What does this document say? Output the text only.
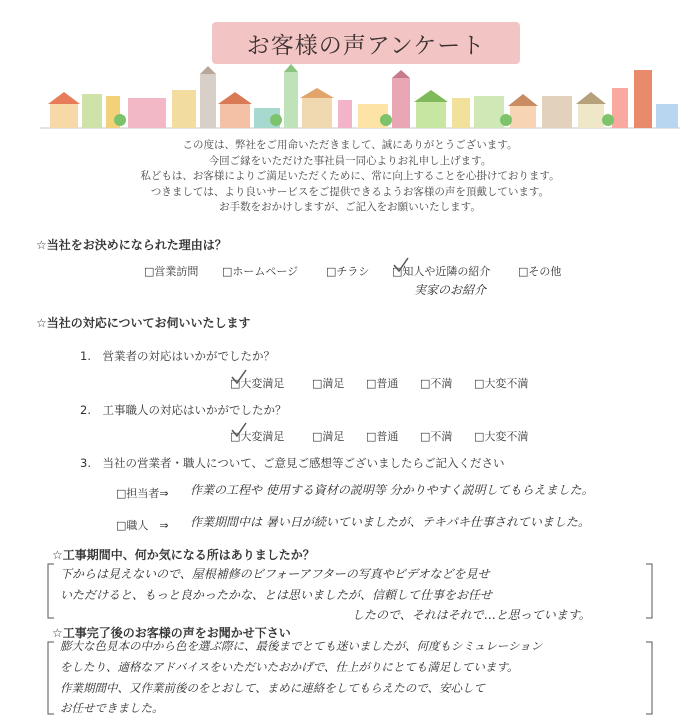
お客様の声アンケート
この度は、弊社をご用命いただきまして、誠にありがとうございます。
今回ご縁をいただけた事社員一同心よりお礼申し上げます。
私どもは、お客様によりご満足いただくために、常に向上することを心掛けております。
つきましては、より良いサービスをご提供できるようお客様の声を頂戴しています。
お手数をおかけしますが、ご記入をお願いいたします。
☆当社をお決めになられた理由は？
□営業訪問 □ホームページ	□チラシ □知人や近隣の紹介	□その他
実家のお紹介
☆当社の対応についてお伺いいたします
1.　営業者の対応はいかがでしたか？
□大変満足	□満足 □普通 □不満 □大変不満
2.　工事職人の対応はいかがでしたか？
□大変満足	□満足 □普通 □不満 □大変不満
3.　当社の営業者・職人について、ご意見ご感想等ございましたらご記入ください
□担当者⇒ 作業の工程や 使用する資材の説明等 分かりやすく説明してもらえました。
□職人　⇒ 作業期間中は 暑い日が続いていましたが、テキパキ仕事されていました。
☆工事期間中、何か気になる所はありましたか？
下からは見えないので、屋根補修のビフォーアフターの写真やビデオなどを見せ
いただけると、もっと良かったかな、とは思いましたが、信頼して仕事をお任せ
したので、それはそれで…と思っています。
☆工事完了後のお客様の声をお聞かせ下さい
膨大な色見本の中から色を選ぶ際に、最後までとても迷いましたが、何度もシミュレーション
をしたり、適格なアドバイスをいただいたおかげで、仕上がりにとても満足しています。
作業期間中、又作業前後のをとおして、まめに連絡をしてもらえたので、安心して
お任せできました。
